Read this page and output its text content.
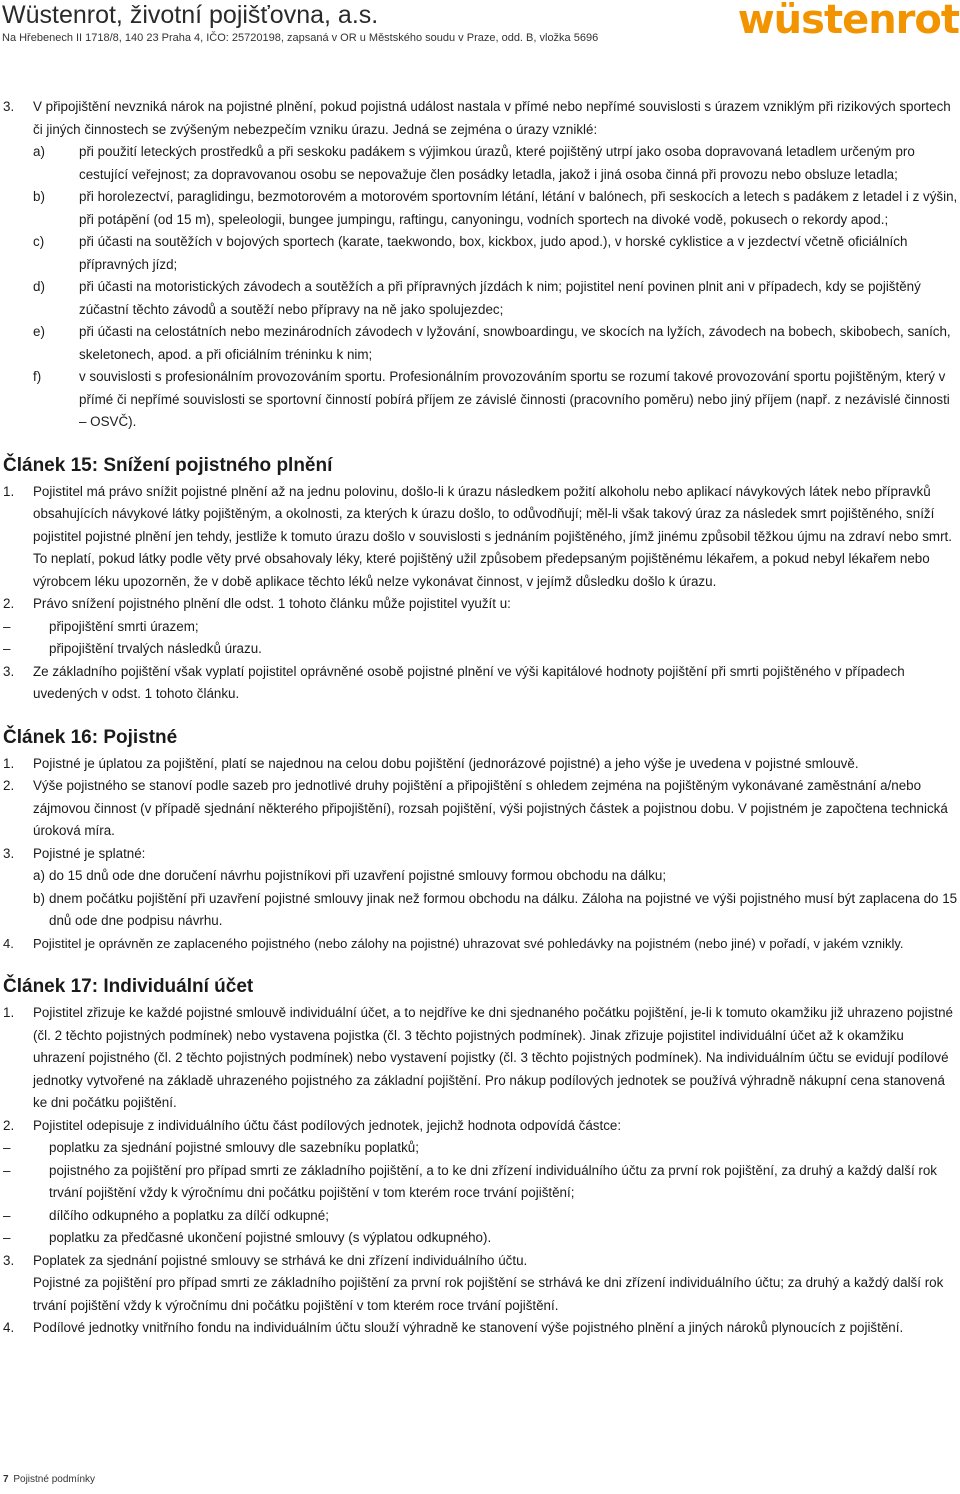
Wüstenrot, životní pojišťovna, a.s.
Na Hřebenech II 1718/8, 140 23 Praha 4, IČO: 25720198, zapsaná v OR u Městského soudu v Praze, odd. B, vložka 5696	wüstenrot
3. V připojištění nevzniká nárok na pojistné plnění, pokud pojistná událost nastala v přímé nebo nepřímé souvislosti s úrazem vzniklým při rizikových sportech či jiných činnostech se zvýšeným nebezpečím vzniku úrazu. Jedná se zejména o úrazy vzniklé:
a)	při použití leteckých prostředků a při seskoku padákem s výjimkou úrazů, které pojištěný utrpí jako osoba dopravovaná letadlem určeným pro cestující veřejnost; za dopravovanou osobu se nepovažuje člen posádky letadla, jakož i jiná osoba činná při provozu nebo obsluze letadla;
b)	při horolezectví, paraglidingu, bezmotorovém a motorovém sportovním létání, létání v balónech, při seskocích a letech s padákem z letadel i z výšin, při potápění (od 15 m), speleologii, bungee jumpingu, raftingu, canyoningu, vodních sportech na divoké vodě, pokusech o rekordy apod.;
c)	při účasti na soutěžích v bojových sportech (karate, taekwondo, box, kickbox, judo apod.), v horské cyklistice a v jezdectví včetně oficiálních přípravných jízd;
d)	při účasti na motoristických závodech a soutěžích a při přípravných jízdách k nim; pojistitel není povinen plnit ani v případech, kdy se pojištěný zúčastní těchto závodů a soutěží nebo přípravy na ně jako spolujezdec;
e)	při účasti na celostátních nebo mezinárodních závodech v lyžování, snowboardingu, ve skocích na lyžích, závodech na bobech, skibobech, saních, skeletonech, apod. a při oficiálním tréninku k nim;
f)	v souvislosti s profesionálním provozováním sportu. Profesionálním provozováním sportu se rozumí takové provozování sportu pojištěným, který v přímé či nepřímé souvislosti se sportovní činností pobírá příjem ze závislé činnosti (pracovního poměru) nebo jiný příjem (např. z nezávislé činnosti – OSVČ).
Článek 15: Snížení pojistného plnění
1. Pojistitel má právo snížit pojistné plnění až na jednu polovinu, došlo-li k úrazu následkem požití alkoholu nebo aplikací návykových látek nebo přípravků obsahujících návykové látky pojištěným, a okolnosti, za kterých k úrazu došlo, to odůvodňují; měl-li však takový úraz za následek smrt pojištěného, sníží pojistitel pojistné plnění jen tehdy, jestliže k tomuto úrazu došlo v souvislosti s jednáním pojištěného, jímž jinému způsobil těžkou újmu na zdraví nebo smrt. To neplatí, pokud látky podle věty prvé obsahovaly léky, které pojištěný užil způsobem předepsaným pojištěnému lékařem, a pokud nebyl lékařem nebo výrobcem léku upozorněn, že v době aplikace těchto léků nelze vykonávat činnost, v jejímž důsledku došlo k úrazu.
2. Právo snížení pojistného plnění dle odst. 1 tohoto článku může pojistitel využít u:
–	připojištění smrti úrazem;
–	připojištění trvalých následků úrazu.
3. Ze základního pojištění však vyplatí pojistitel oprávněné osobě pojistné plnění ve výši kapitálové hodnoty pojištění při smrti pojištěného v případech uvedených v odst. 1 tohoto článku.
Článek 16: Pojistné
1. Pojistné je úplatou za pojištění, platí se najednou na celou dobu pojištění (jednorázové pojistné) a jeho výše je uvedena v pojistné smlouvě.
2. Výše pojistného se stanoví podle sazeb pro jednotlivé druhy pojištění a připojištění s ohledem zejména na pojištěným vykonávané zaměstnání a/nebo zájmovou činnost (v případě sjednání některého připojištění), rozsah pojištění, výši pojistných částek a pojistnou dobu. V pojistném je započtena technická úroková míra.
3. Pojistné je splatné:
a) do 15 dnů ode dne doručení návrhu pojistníkovi při uzavření pojistné smlouvy formou obchodu na dálku;
b) dnem počátku pojištění při uzavření pojistné smlouvy jinak než formou obchodu na dálku. Záloha na pojistné ve výši pojistného musí být zaplacena do 15 dnů ode dne podpisu návrhu.
4. Pojistitel je oprávněn ze zaplaceného pojistného (nebo zálohy na pojistné) uhrazovat své pohledávky na pojistném (nebo jiné) v pořadí, v jakém vznikly.
Článek 17: Individuální účet
1. Pojistitel zřizuje ke každé pojistné smlouvě individuální účet, a to nejdříve ke dni sjednaného počátku pojištění, je-li k tomuto okamžiku již uhrazeno pojistné (čl. 2 těchto pojistných podmínek) nebo vystavena pojistka (čl. 3 těchto pojistných podmínek). Jinak zřizuje pojistitel individuální účet až k okamžiku uhrazení pojistného (čl. 2 těchto pojistných podmínek) nebo vystavení pojistky (čl. 3 těchto pojistných podmínek). Na individuálním účtu se evidují podílové jednotky vytvořené na základě uhrazeného pojistného za základní pojištění. Pro nákup podílových jednotek se používá výhradně nákupní cena stanovená ke dni počátku pojištění.
2. Pojistitel odepisuje z individuálního účtu část podílových jednotek, jejichž hodnota odpovídá částce:
–	poplatku za sjednání pojistné smlouvy dle sazebníku poplatků;
–	pojistného za pojištění pro případ smrti ze základního pojištění, a to ke dni zřízení individuálního účtu za první rok pojištění, za druhý a každý další rok trvání pojištění vždy k výročnímu dni počátku pojištění v tom kterém roce trvání pojištění;
–	dílčího odkupného a poplatku za dílčí odkupné;
–	poplatku za předčasné ukončení pojistné smlouvy (s výplatou odkupného).
3. Poplatek za sjednání pojistné smlouvy se strhává ke dni zřízení individuálního účtu.
Pojistné za pojištění pro případ smrti ze základního pojištění za první rok pojištění se strhává ke dni zřízení individuálního účtu; za druhý a každý další rok trvání pojištění vždy k výročnímu dni počátku pojištění v tom kterém roce trvání pojištění.
4. Podílové jednotky vnitřního fondu na individuálním účtu slouží výhradně ke stanovení výše pojistného plnění a jiných nároků plynoucích z pojištění.
7 Pojistné podmínky
